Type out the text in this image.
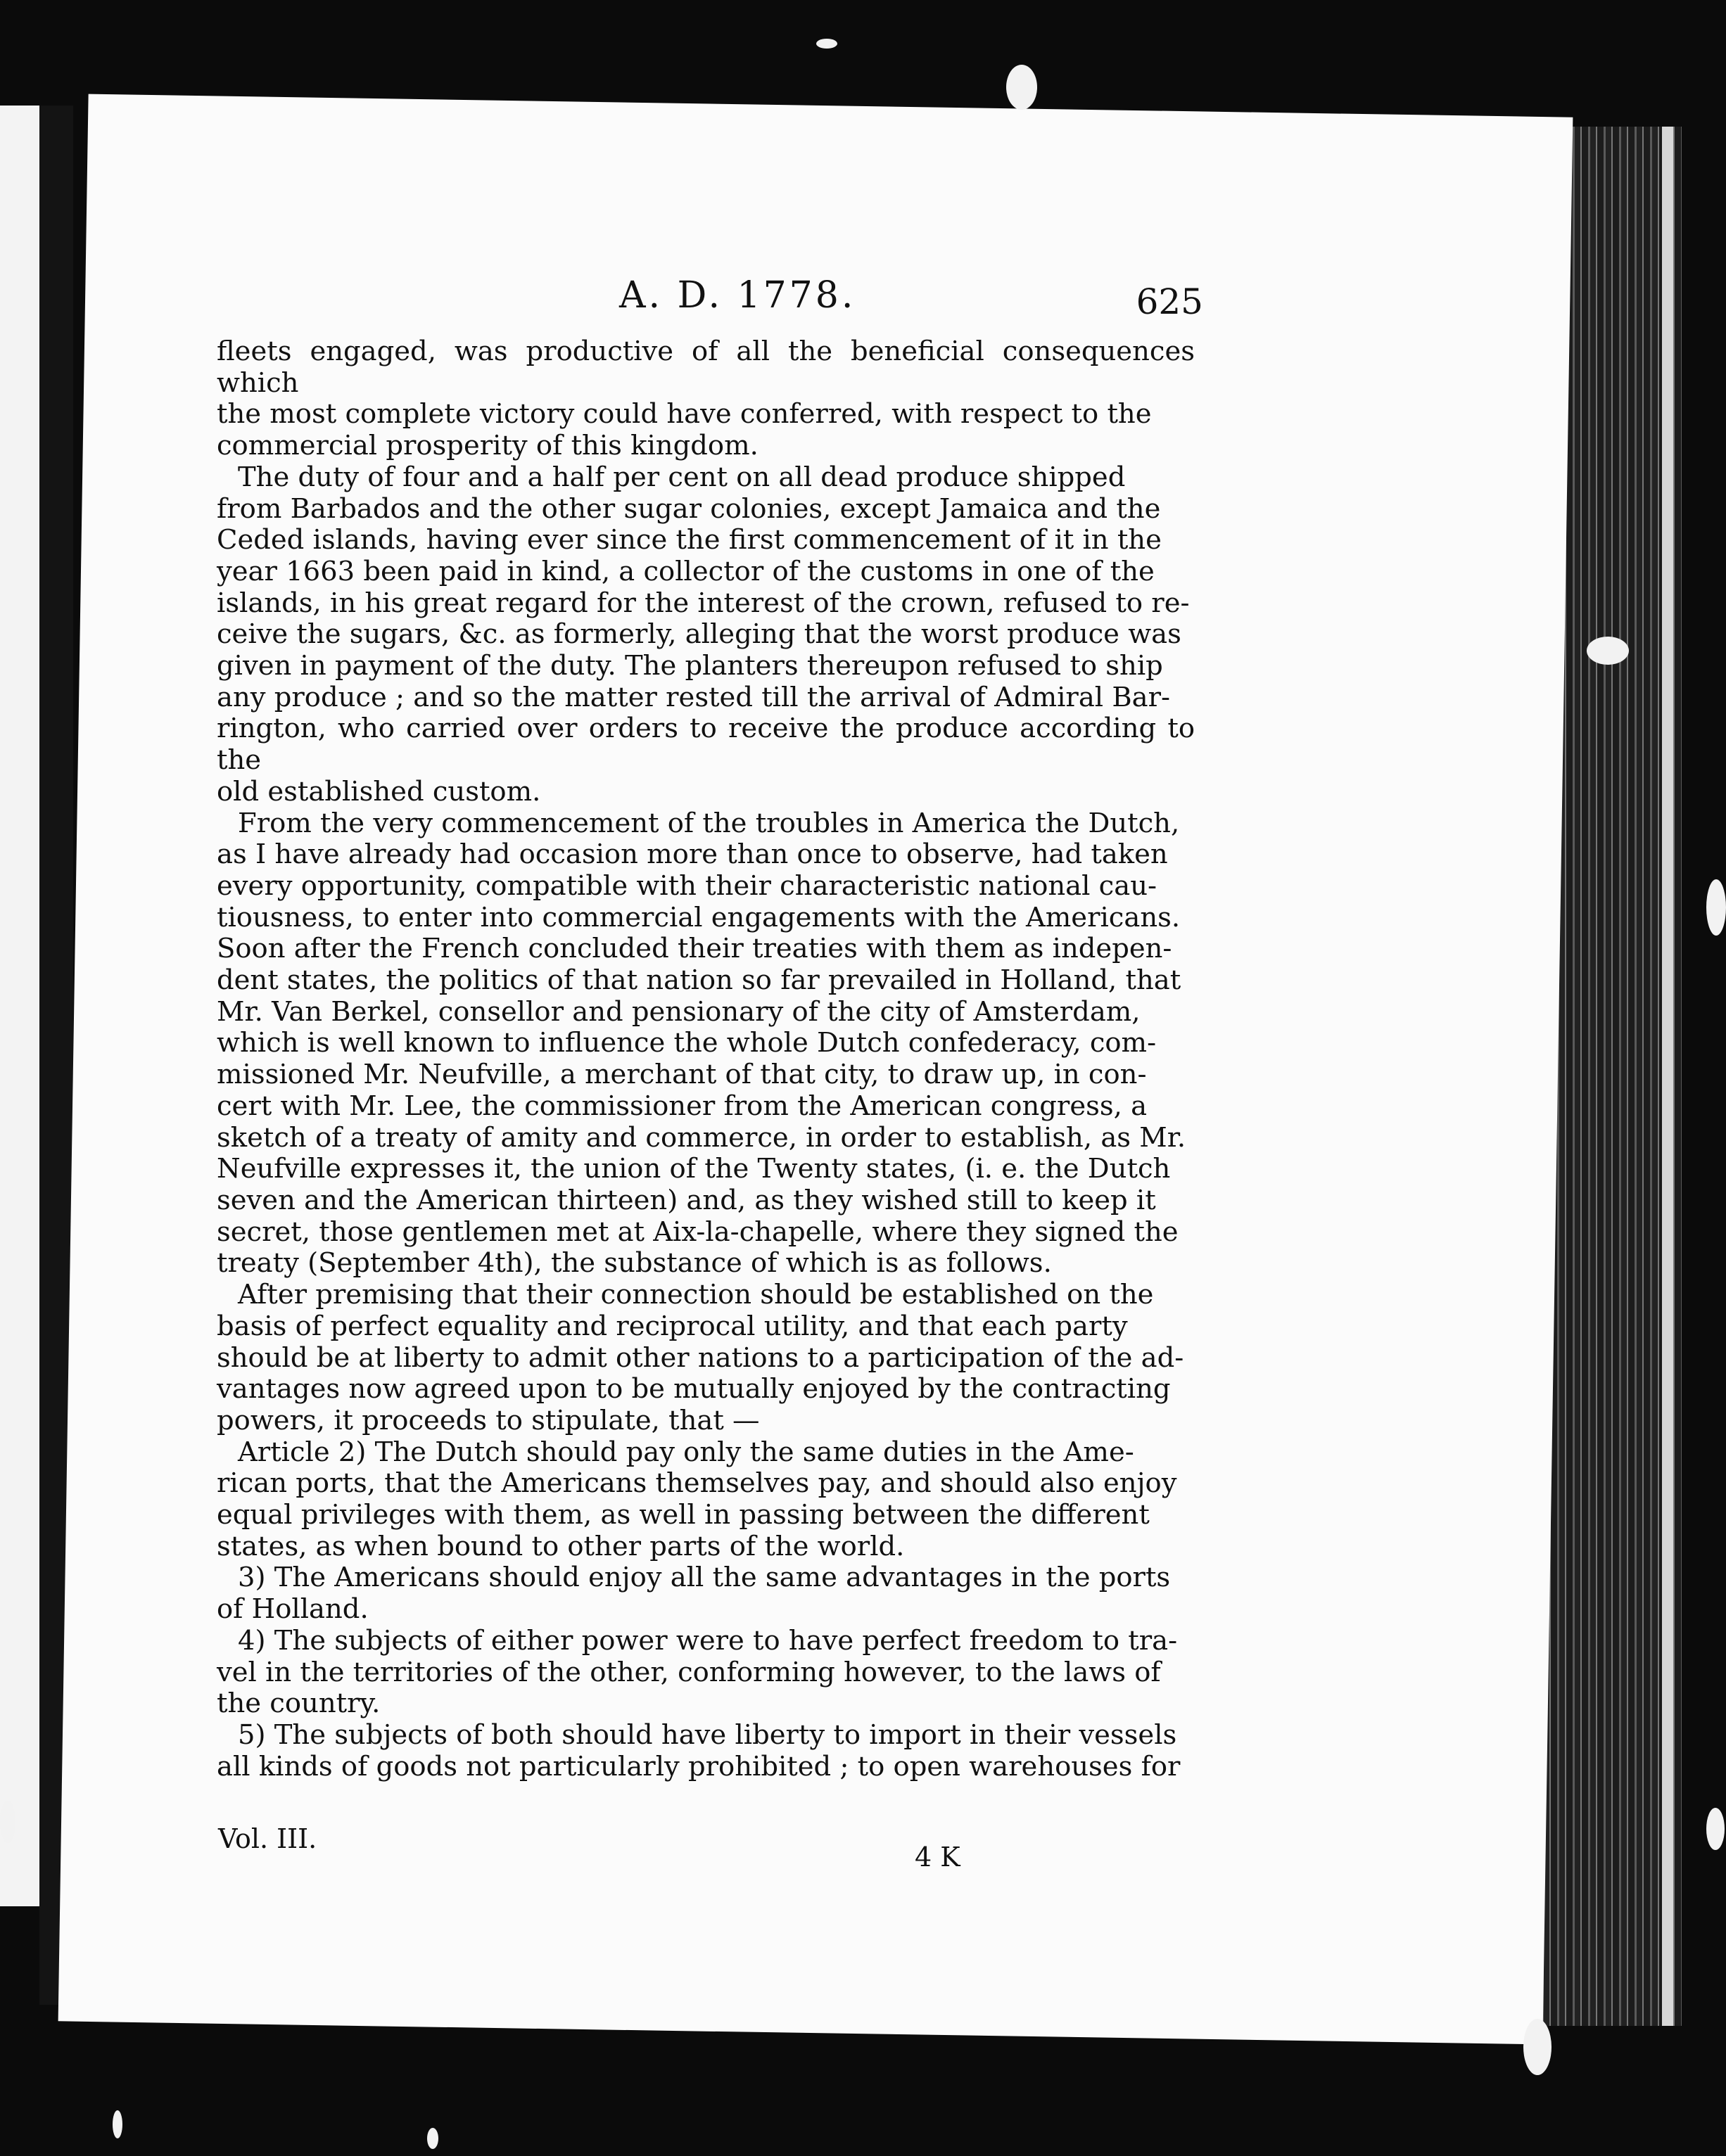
A. D. 1778.	625

fleets engaged, was productive of all the beneficial consequences which

the most complete victory could have conferred, with respect to the

commercial prosperity of this kingdom.

The duty of four and a half per cent on all dead produce shipped

from Barbados and the other sugar colonies, except Jamaica and the

Ceded islands, having ever since the first commencement of it in the

year 1663 been paid in kind, a collector of the customs in one of the

islands, in his great regard for the interest of the crown, refused to re-

ceive the sugars, &c. as formerly, alleging that the worst produce was

given in payment of the duty. The planters thereupon refused to ship

any produce ; and so the matter rested till the arrival of Admiral Bar-

rington, who carried over orders to receive the produce according to the

old established custom.

From the very commencement of the troubles in America the Dutch,

as I have already had occasion more than once to observe, had taken

every opportunity, compatible with their characteristic national cau-

tiousness, to enter into commercial engagements with the Americans.

Soon after the French concluded their treaties with them as indepen-

dent states, the politics of that nation so far prevailed in Holland, that

Mr. Van Berkel, consellor and pensionary of the city of Amsterdam,

which is well known to influence the whole Dutch confederacy, com-

missioned Mr. Neufville, a merchant of that city, to draw up, in con-

cert with Mr. Lee, the commissioner from the American congress, a

sketch of a treaty of amity and commerce, in order to establish, as Mr.

Neufville expresses it, the union of the Twenty states, (i. e. the Dutch

seven and the American thirteen) and, as they wished still to keep it

secret, those gentlemen met at Aix-la-chapelle, where they signed the

treaty (September 4th), the substance of which is as follows.

After premising that their connection should be established on the

basis of perfect equality and reciprocal utility, and that each party

should be at liberty to admit other nations to a participation of the ad-

vantages now agreed upon to be mutually enjoyed by the contracting

powers, it proceeds to stipulate, that —

Article 2) The Dutch should pay only the same duties in the Ame-

rican ports, that the Americans themselves pay, and should also enjoy

equal privileges with them, as well in passing between the different

states, as when bound to other parts of the world.

3) The Americans should enjoy all the same advantages in the ports

of Holland.

4) The subjects of either power were to have perfect freedom to tra-

vel in the territories of the other, conforming however, to the laws of

the country.

5) The subjects of both should have liberty to import in their vessels

all kinds of goods not particularly prohibited ; to open warehouses for

Vol. III.
4 K
